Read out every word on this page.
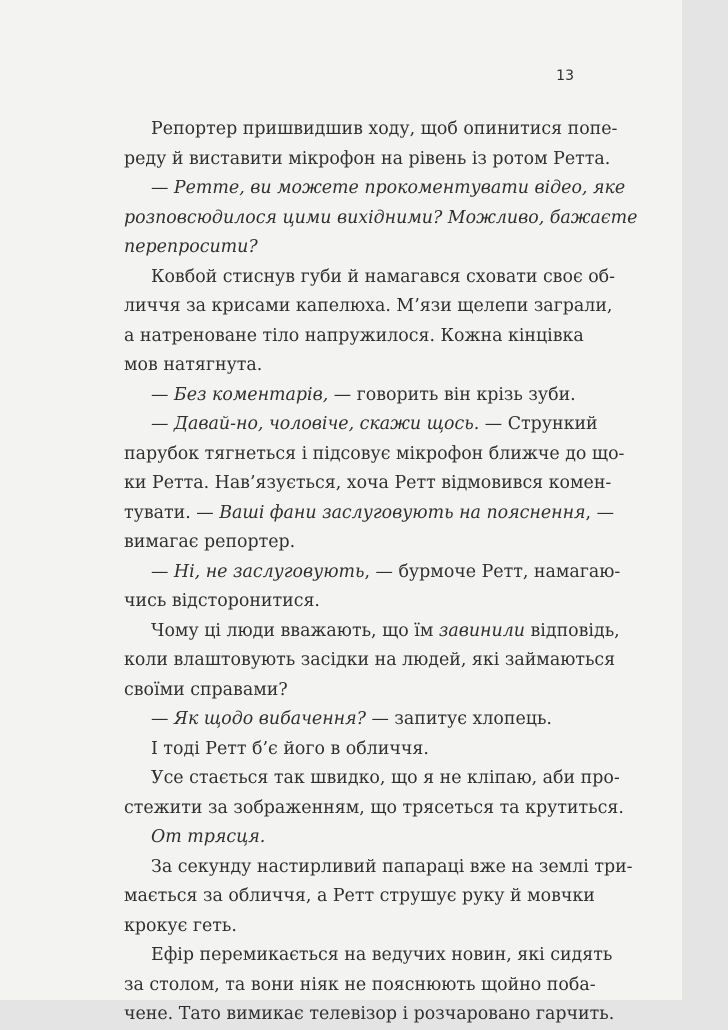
13
Репортер пришвидшив ходу, щоб опинитися попе-
реду й виставити мікрофон на рівень із ротом Ретта.
— Ретте, ви можете прокоментувати відео, яке
розповсюдилося цими вихідними? Можливо, бажаєте
перепросити?
Ковбой стиснув губи й намагався сховати своє об-
личчя за крисами капелюха. М’язи щелепи заграли,
а натреноване тіло напружилося. Кожна кінцівка
мов натягнута.
— Без коментарів, — говорить він крізь зуби.
— Давай-но, чоловіче, скажи щось. — Стрункий
парубок тягнеться і підсовує мікрофон ближче до що-
ки Ретта. Нав’язується, хоча Ретт відмовився комен-
тувати. — Ваші фани заслуговують на пояснення, —
вимагає репортер.
— Ні, не заслуговують, — бурмоче Ретт, намагаю-
чись відсторонитися.
Чому ці люди вважають, що їм завинили відповідь,
коли влаштовують засідки на людей, які займаються
своїми справами?
— Як щодо вибачення? — запитує хлопець.
І тоді Ретт б’є його в обличчя.
Усе стається так швидко, що я не кліпаю, аби про-
стежити за зображенням, що трясеться та крутиться.
От трясця.
За секунду настирливий папараці вже на землі три-
мається за обличчя, а Ретт струшує руку й мовчки
крокує геть.
Ефір перемикається на ведучих новин, які сидять
за столом, та вони ніяк не пояснюють щойно поба-
чене. Тато вимикає телевізор і розчаровано гарчить.
